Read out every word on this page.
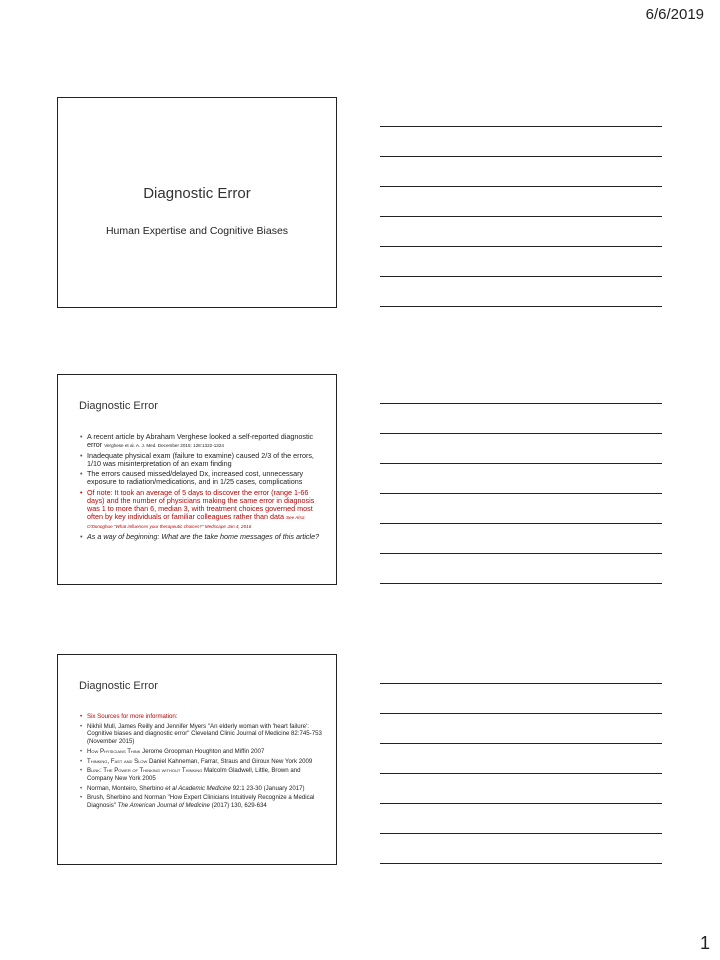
6/6/2019
Diagnostic Error
Human Expertise and Cognitive Biases
Diagnostic Error
• A recent article by Abraham Verghese looked a self-reported diagnostic error Verghese et al. A. J. Med. December 2015: 128:1322-1324
• Inadequate physical exam (failure to examine) caused 2/3 of the errors, 1/10 was misinterpretation of an exam finding
• The errors caused missed/delayed Dx, increased cost, unnecessary exposure to radiation/medications, and in 1/25 cases, complications
• Of note: It took an average of 5 days to discover the error (range 1-66 days) and the number of physicians making the same error in diagnosis was 1 to more than 6, median 3, with treatment choices governed most often by key individuals or familiar colleagues rather than data See Also: O'Donoghue "What influences your therapeutic choices?" Medscape Jan 4, 2016
• As a way of beginning: What are the take home messages of this article?
Diagnostic Error
• Six Sources for more information:
• Nikhil Mull, James Reilly and Jennifer Myers "An elderly woman with 'heart failure': Cognitive biases and diagnostic error" Cleveland Clinic Journal of Medicine 82:745-753 (November 2015)
• How Physicians Think Jerome Groopman Houghton and Miffin 2007
• Thinking, Fast and Slow Daniel Kahneman, Farrar, Straus and Giroux New York 2009
• Blink: The Power of Thinking without Thinking Malcolm Gladwell, Little, Brown and Company New York 2005
• Norman, Monteiro, Sherbino et al Academic Medicine 92:1 23-30 (January 2017)
• Brush, Sherbino and Norman "How Expert Clinicians Intuitively Recognize a Medical Diagnosis" The American Journal of Medicine (2017) 130, 629-634
1
